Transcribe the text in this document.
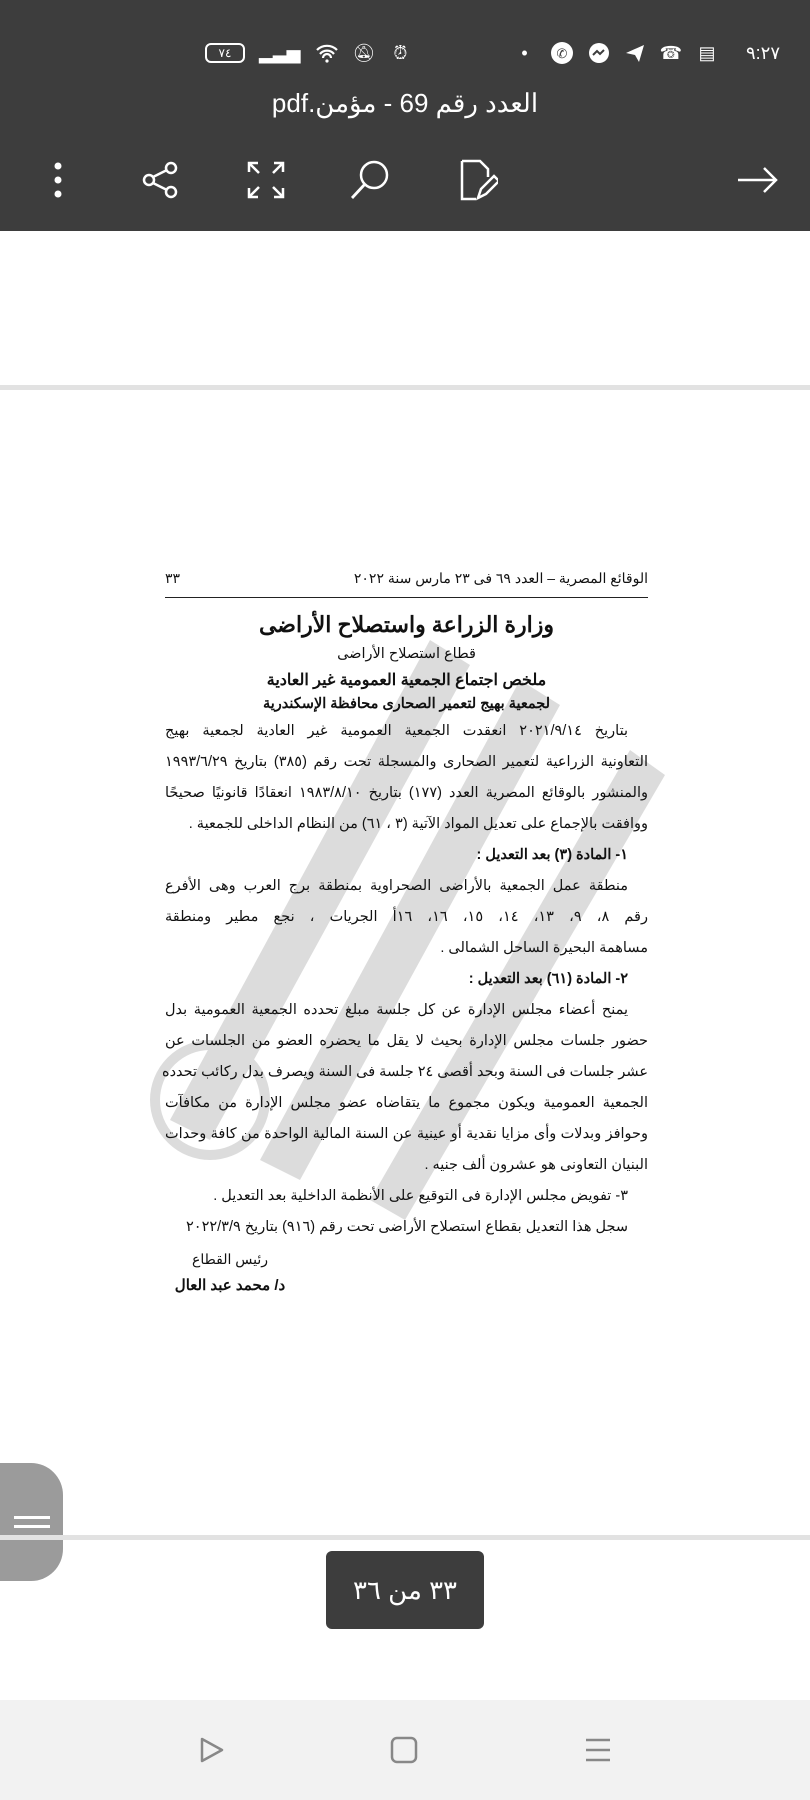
٧٤	▂▃▅	🔕︎ ⏰︎	•	✆	☎︎ ▤ ٩:٢٧
العدد رقم 69 - مؤمن.pdf
الوقائع المصرية – العدد ٦٩ فى ٢٣ مارس سنة ٢٠٢٢
٣٣
وزارة الزراعة واستصلاح الأراضى
قطاع استصلاح الأراضى
ملخص اجتماع الجمعية العمومية غير العادية
لجمعية بهيج لتعمير الصحارى محافظة الإسكندرية
بتاريخ ٢٠٢١/٩/١٤ انعقدت الجمعية العمومية غير العادية لجمعية بهيج
التعاونية الزراعية لتعمير الصحارى والمسجلة تحت رقم (٣٨٥) بتاريخ ١٩٩٣/٦/٢٩
والمنشور بالوقائع المصرية العدد (١٧٧) بتاريخ ١٩٨٣/٨/١٠ انعقادًا قانونيًا صحيحًا
ووافقت بالإجماع على تعديل المواد الآتية (٣ ، ٦١) من النظام الداخلى للجمعية .
١- المادة (٣) بعد التعديل :
منطقة عمل الجمعية بالأراضى الصحراوية بمنطقة برج العرب وهى الأفرع
رقم ٨، ٩، ١٣، ١٤، ١٥، ١٦، ١٦أ الجريات ، نجع مطير ومنطقة
مساهمة البحيرة الساحل الشمالى .
٢- المادة (٦١) بعد التعديل :
يمنح أعضاء مجلس الإدارة عن كل جلسة مبلغ تحدده الجمعية العمومية بدل
حضور جلسات مجلس الإدارة بحيث لا يقل ما يحضره العضو من الجلسات عن
عشر جلسات فى السنة وبحد أقصى ٢٤ جلسة فى السنة ويصرف بدل ركائب تحدده
الجمعية العمومية ويكون مجموع ما يتقاضاه عضو مجلس الإدارة من مكافآت
وحوافز وبدلات وأى مزايا نقدية أو عينية عن السنة المالية الواحدة من كافة وحدات
البنيان التعاونى هو عشرون ألف جنيه .
٣- تفويض مجلس الإدارة فى التوقيع على الأنظمة الداخلية بعد التعديل .
سجل هذا التعديل بقطاع استصلاح الأراضى تحت رقم (٩١٦) بتاريخ ٢٠٢٢/٣/٩
رئيس القطاع
د/ محمد عبد العال
٣٣ من ٣٦
